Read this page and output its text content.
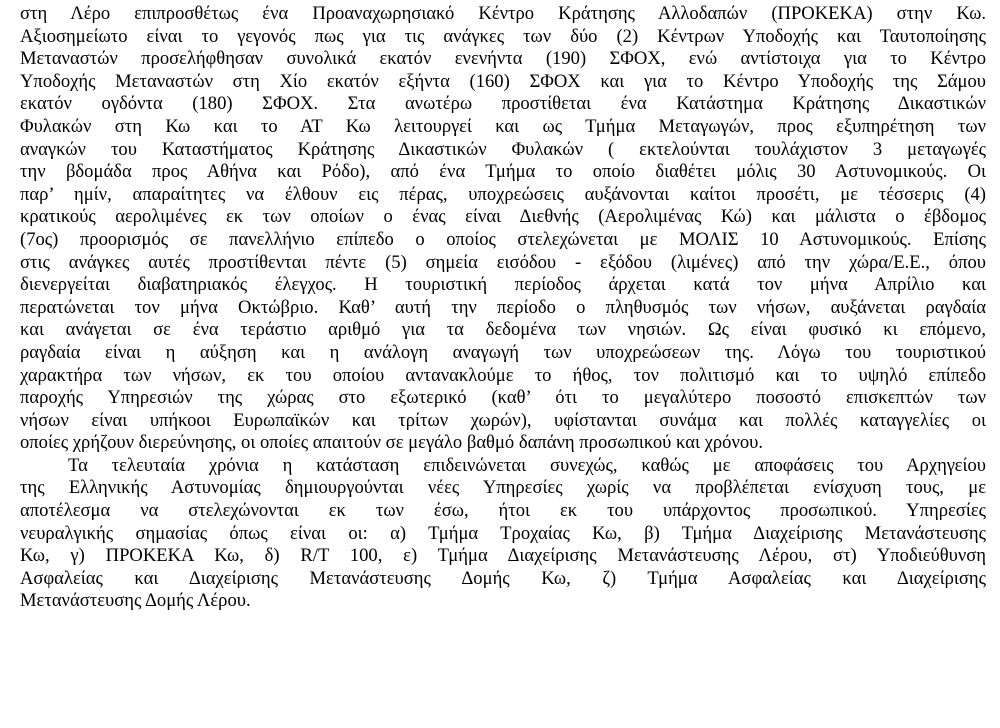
στη Λέρο επιπροσθέτως ένα Προαναχωρησιακό Κέντρο Κράτησης Αλλοδαπών (ΠΡΟΚΕΚΑ) στην Κω.
Αξιοσημείωτο είναι το γεγονός πως για τις ανάγκες των δύο (2) Κέντρων Υποδοχής και Ταυτοποίησης
Μεταναστών προσελήφθησαν συνολικά εκατόν ενενήντα (190) ΣΦΟΧ, ενώ αντίστοιχα για το Κέντρο
Υποδοχής Μεταναστών στη Χίο εκατόν εξήντα (160) ΣΦΟΧ και για το Κέντρο Υποδοχής της Σάμου
εκατόν ογδόντα (180) ΣΦΟΧ. Στα ανωτέρω προστίθεται ένα Κατάστημα Κράτησης Δικαστικών
Φυλακών στη Κω και το ΑΤ Κω λειτουργεί και ως Τμήμα Μεταγωγών, προς εξυπηρέτηση των
αναγκών του Καταστήματος Κράτησης Δικαστικών Φυλακών ( εκτελούνται τουλάχιστον 3 μεταγωγές
την βδομάδα προς Αθήνα και Ρόδο), από ένα Τμήμα το οποίο διαθέτει μόλις 30 Αστυνομικούς. Οι
παρ’ ημίν, απαραίτητες να έλθουν εις πέρας, υποχρεώσεις αυξάνονται καίτοι προσέτι, με τέσσερις (4)
κρατικούς αερολιμένες εκ των οποίων ο ένας είναι Διεθνής (Αερολιμένας Κώ) και μάλιστα ο έβδομος
(7ος) προορισμός σε πανελλήνιο επίπεδο ο οποίος στελεχώνεται με ΜΟΛΙΣ 10 Αστυνομικούς. Επίσης
στις ανάγκες αυτές προστίθενται πέντε (5) σημεία εισόδου - εξόδου (λιμένες) από την χώρα/Ε.Ε., όπου
διενεργείται διαβατηριακός έλεγχος. Η τουριστική περίοδος άρχεται κατά τον μήνα Απρίλιο και
περατώνεται τον μήνα Οκτώβριο. Καθ’ αυτή την περίοδο ο πληθυσμός των νήσων, αυξάνεται ραγδαία
και ανάγεται σε ένα τεράστιο αριθμό για τα δεδομένα των νησιών. Ως είναι φυσικό κι επόμενο,
ραγδαία είναι η αύξηση και η ανάλογη αναγωγή των υποχρεώσεων της. Λόγω του τουριστικού
χαρακτήρα των νήσων, εκ του οποίου αντανακλούμε το ήθος, τον πολιτισμό και το υψηλό επίπεδο
παροχής Υπηρεσιών της χώρας στο εξωτερικό (καθ’ ότι το μεγαλύτερο ποσοστό επισκεπτών των
νήσων είναι υπήκοοι Ευρωπαϊκών και τρίτων χωρών), υφίστανται συνάμα και πολλές καταγγελίες οι
οποίες χρήζουν διερεύνησης, οι οποίες απαιτούν σε μεγάλο βαθμό δαπάνη προσωπικού και χρόνου.
Τα τελευταία χρόνια η κατάσταση επιδεινώνεται συνεχώς, καθώς με αποφάσεις του Αρχηγείου
της Ελληνικής Αστυνομίας δημιουργούνται νέες Υπηρεσίες χωρίς να προβλέπεται ενίσχυση τους, με
αποτέλεσμα να στελεχώνονται εκ των έσω, ήτοι εκ του υπάρχοντος προσωπικού. Υπηρεσίες
νευραλγικής σημασίας όπως είναι οι: α) Τμήμα Τροχαίας Κω, β) Τμήμα Διαχείρισης Μετανάστευσης
Κω, γ) ΠΡΟΚΕΚΑ Κω, δ) R/T 100, ε) Τμήμα Διαχείρισης Μετανάστευσης Λέρου, στ) Υποδιεύθυνση
Ασφαλείας και Διαχείρισης Μετανάστευσης Δομής Κω, ζ) Τμήμα Ασφαλείας και Διαχείρισης
Μετανάστευσης Δομής Λέρου.
